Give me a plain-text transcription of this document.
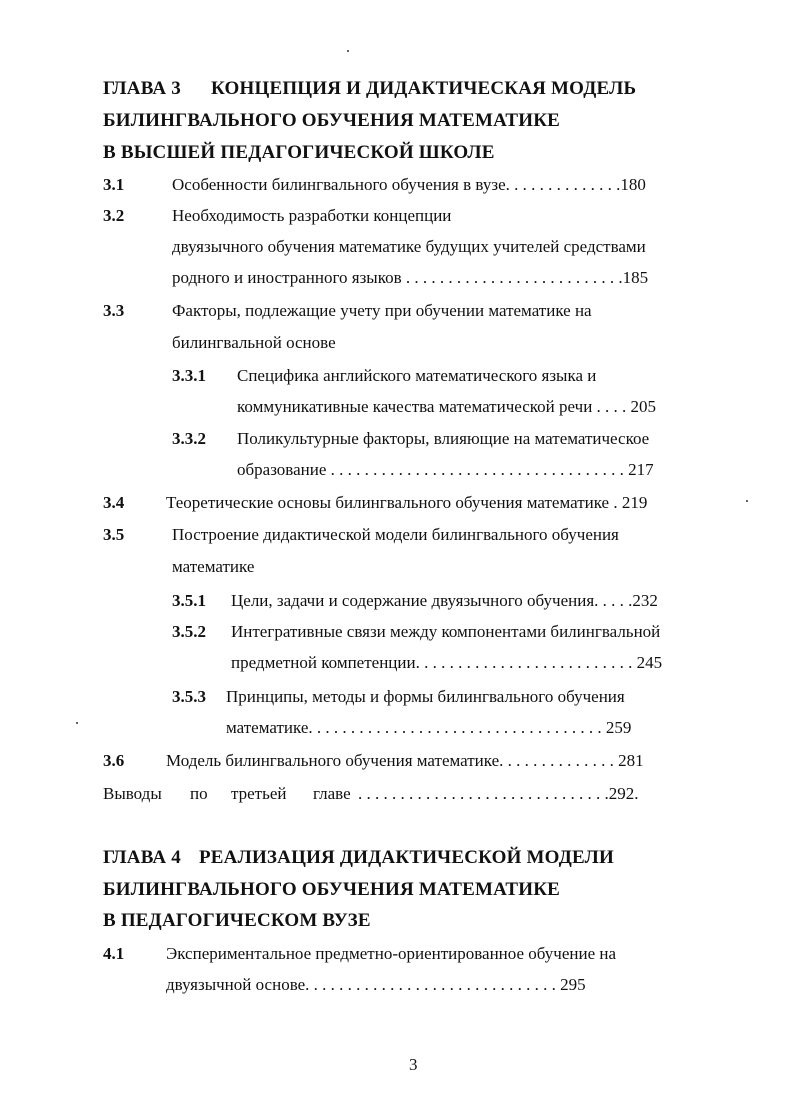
ГЛАВА 3 КОНЦЕПЦИЯ И ДИДАКТИЧЕСКАЯ МОДЕЛЬ
БИЛИНГВАЛЬНОГО ОБУЧЕНИЯ МАТЕМАТИКЕ
В ВЫСШЕЙ ПЕДАГОГИЧЕСКОЙ ШКОЛЕ
3.1	Особенности билингвального обучения в вузе. . . . . . . . . . . . . .180
3.2	Необходимость разработки концепции
двуязычного обучения математике будущих учителей средствами
родного и иностранного языков . . . . . . . . . . . . . . . . . . . . . . . . . .185
3.3	Факторы, подлежащие учету при обучении математике на
билингвальной основе
3.3.1 Специфика английского математического языка и
коммуникативные качества математической речи . . . . 205
3.3.2 Поликультурные факторы, влияющие на математическое
образование . . . . . . . . . . . . . . . . . . . . . . . . . . . . . . . . . . . 217
3.4 Теоретические основы билингвального обучения математике . 219
3.5	Построение дидактической модели билингвального обучения
математике
3.5.1 Цели, задачи и содержание двуязычного обучения. . . . .232
3.5.2 Интегративные связи между компонентами билингвальной
предметной компетенции. . . . . . . . . . . . . . . . . . . . . . . . . . 245
3.5.3 Принципы, методы и формы билингвального обучения
математике. . . . . . . . . . . . . . . . . . . . . . . . . . . . . . . . . . . 259
3.6 Модель билингвального обучения математике. . . . . . . . . . . . . . 281
Выводы по третьей главе . . . . . . . . . . . . . . . . . . . . . . . . . . . . . .292.
ГЛАВА 4 РЕАЛИЗАЦИЯ ДИДАКТИЧЕСКОЙ МОДЕЛИ
БИЛИНГВАЛЬНОГО ОБУЧЕНИЯ МАТЕМАТИКЕ
В ПЕДАГОГИЧЕСКОМ ВУЗЕ
4.1 Экспериментальное предметно-ориентированное обучение на
двуязычной основе. . . . . . . . . . . . . . . . . . . . . . . . . . . . . . 295
3
